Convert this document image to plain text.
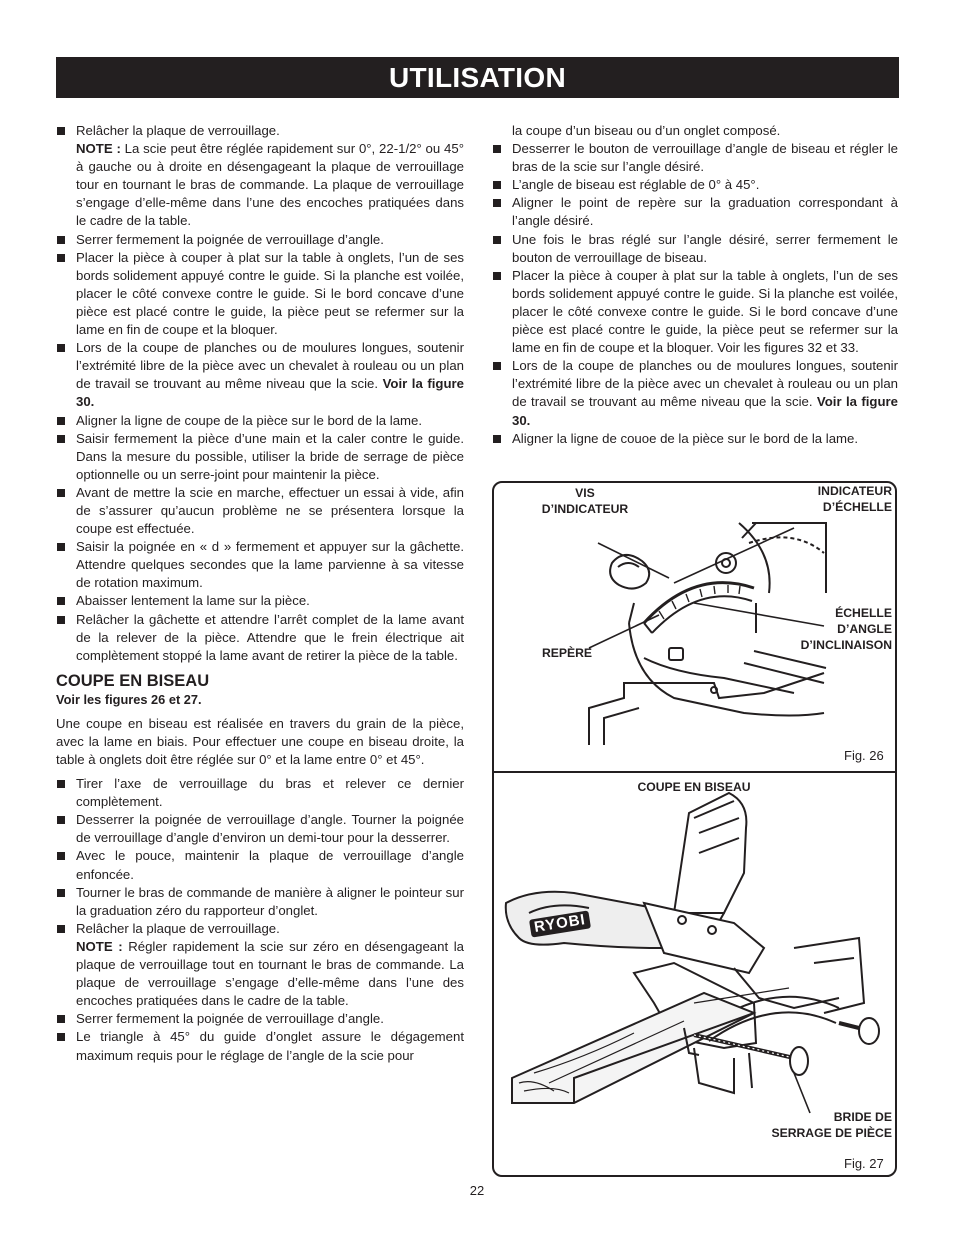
UTILISATION
Relâcher la plaque de verrouillage.

NOTE : La scie peut être réglée rapidement sur 0°, 22-1/2° ou 45° à gauche ou à droite en désengageant la plaque de verrouillage tour en tournant le bras de commande. La plaque de verrouillage s’engage d’elle-même dans l’une des encoches pratiquées dans le cadre de la table.

Serrer fermement la poignée de verrouillage d’angle.
Placer la pièce à couper à plat sur la table à onglets, l’un de ses bords solidement appuyé contre le guide. Si la planche est voilée, placer le côté convexe contre le guide. Si le bord concave d’une pièce est placé contre le guide, la pièce peut se refermer sur la lame en fin de coupe et la bloquer.
Lors de la coupe de planches ou de moulures longues, soutenir l’extrémité libre de la pièce avec un chevalet à rouleau ou un plan de travail se trouvant au même niveau que la scie. Voir la figure 30.
Aligner la ligne de coupe de la pièce sur le bord de la lame.
Saisir fermement la pièce d’une main et la caler contre le guide. Dans la mesure du possible, utiliser la bride de serrage de pièce optionnelle ou un serre-joint pour maintenir la pièce.
Avant de mettre la scie en marche, effectuer un essai à vide, afin de s’assurer qu’aucun problème ne se présentera lorsque la coupe est effectuée.
Saisir la poignée en « d » fermement et appuyer sur la gâchette. Attendre quelques secondes que la lame parvienne à sa vitesse de rotation maximum.
Abaisser lentement la lame sur la pièce.
Relâcher la gâchette et attendre l’arrêt complet de la lame avant de la relever de la pièce. Attendre que le frein électrique ait complètement stoppé la lame avant de retirer la pièce de la table.

COUPE EN BISEAU

Voir les figures 26 et 27.

Une coupe en biseau est réalisée en travers du grain de la pièce, avec la lame en biais. Pour effectuer une coupe en biseau droite, la table à onglets doit être réglée sur 0° et la lame entre 0° et 45°.

Tirer l’axe de verrouillage du bras et relever ce dernier complètement.
Desserrer la poignée de verrouillage d’angle. Tourner la poignée de verrouillage d’angle d’environ un demi-tour pour la desserrer.
Avec le pouce, maintenir la plaque de verrouillage d’angle enfoncée.
Tourner le bras de commande de manière à aligner le pointeur sur la graduation zéro du rapporteur d’onglet.
Relâcher la plaque de verrouillage.

NOTE : Régler rapidement la scie sur zéro en désengageant la plaque de verrouillage tout en tournant le bras de commande. La plaque de verrouillage s’engage d’elle-même dans l’une des encoches pratiquées dans le cadre de la table.

Serrer fermement la poignée de verrouillage d’angle.
Le triangle à 45° du guide d’onglet assure le dégagement maximum requis pour le réglage de l’angle de la scie pour

la coupe d’un biseau ou d’un onglet composé.

Desserrer le bouton de verrouillage d’angle de biseau et régler le bras de la scie sur l’angle désiré.
L’angle de biseau est réglable de 0° à 45°.
Aligner le point de repère sur la graduation correspondant à l’angle désiré.
Une fois le bras réglé sur l’angle désiré, serrer fermement le bouton de verrouillage de biseau.
Placer la pièce à couper à plat sur la table à onglets, l’un de ses bords solidement appuyé contre le guide. Si la planche est voilée, placer le côté convexe contre le guide. Si le bord concave d’une pièce est placé contre le guide, la pièce peut se refermer sur la lame en fin de coupe et la bloquer. Voir les figures 32 et 33.
Lors de la coupe de planches ou de moulures longues, soutenir l’extrémité libre de la pièce avec un chevalet à rouleau ou un plan de travail se trouvant au même niveau que la scie. Voir la figure 30.
Aligner la ligne de couoe de la pièce sur le bord de la lame.
VIS
D’INDICATEUR
INDICATEUR
D’ÉCHELLE
ÉCHELLE
D’ANGLE
D’INCLINAISON
REPÈRE
Fig. 26
RYOBI
COUPE EN BISEAU
BRIDE DE
SERRAGE DE PIÈCE
Fig. 27
22
